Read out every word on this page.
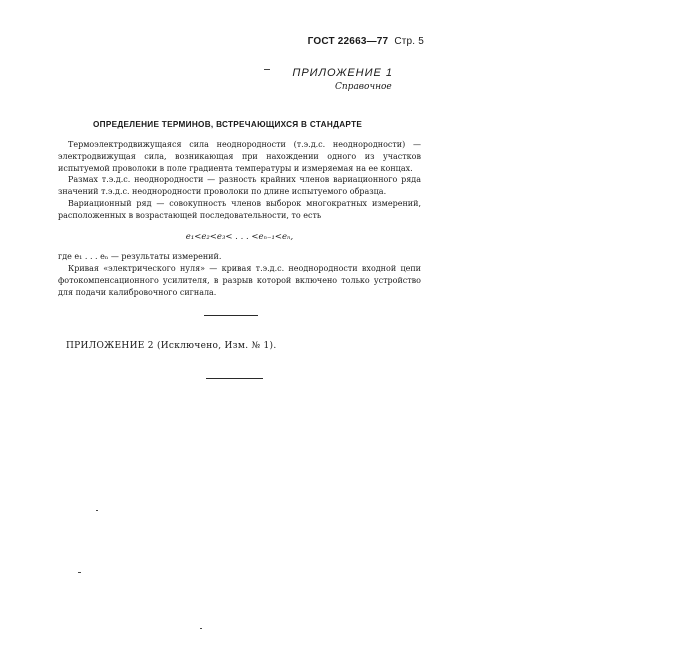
ГОСТ 22663—77 Стр. 5
ПРИЛОЖЕНИЕ 1
Справочное
ОПРЕДЕЛЕНИЕ ТЕРМИНОВ, ВСТРЕЧАЮЩИХСЯ В СТАНДАРТЕ

Термоэлектродвижущаяся сила неоднородности (т.э.д.с. неоднородности) — электродвижущая сила, возникающая при нахождении одного из участков испытуемой проволоки в поле градиента температуры и измеряемая на ее концах.

Размах т.э.д.с. неоднородности — разность крайних членов вариационного ряда значений т.э.д.с. неоднородности проволоки по длине испытуемого образца.

Вариационный ряд — совокупность членов выборок многократных измерений, расположенных в возрастающей последовательности, то есть

e₁<e₂<e₃< . . . <eₙ₋₁<eₙ,

где e₁ . . . eₙ — результаты измерений.

Кривая «электрического нуля» — кривая т.э.д.с. неоднородности входной цепи фотокомпенсационного усилителя, в разрыв которой включено только устройство для подачи калибровочного сигнала.

ПРИЛОЖЕНИЕ 2 (Исключено, Изм. № 1).
